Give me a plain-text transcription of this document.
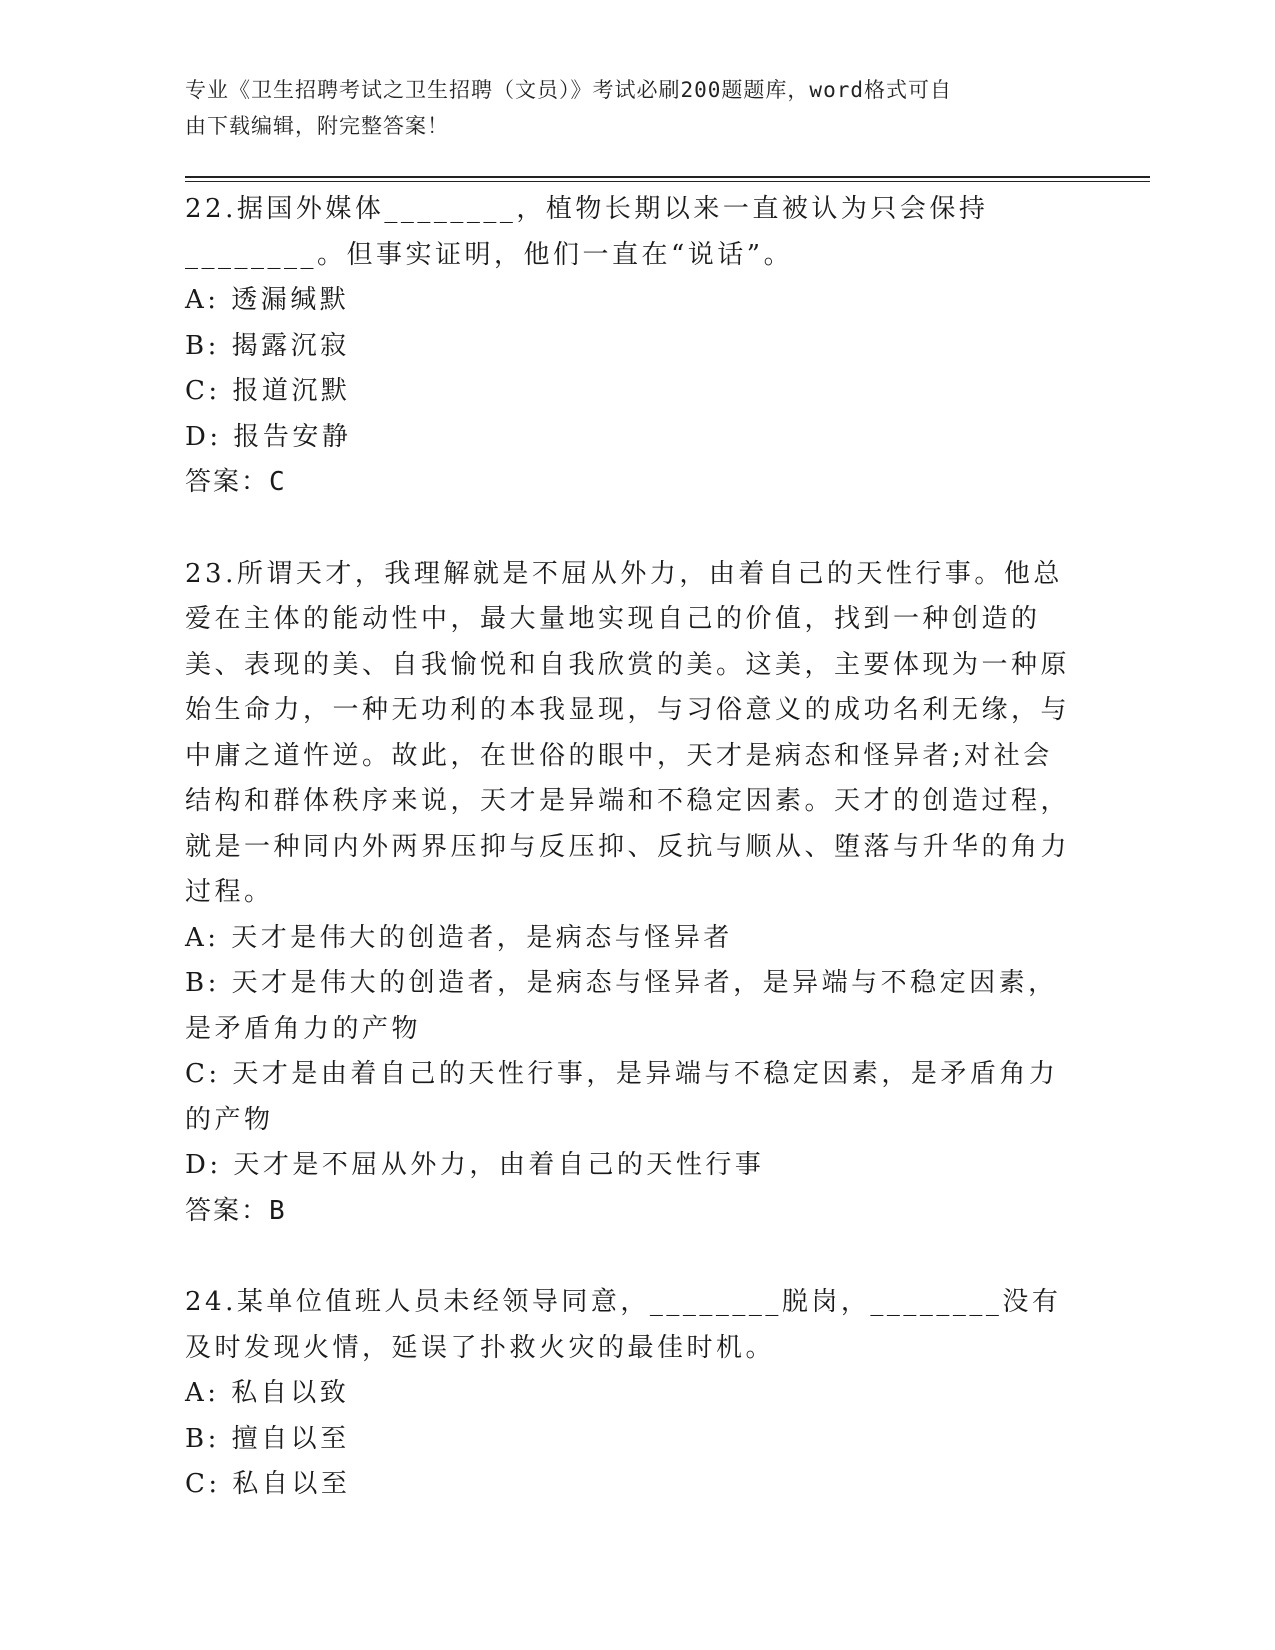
专业《卫生招聘考试之卫生招聘（文员）》考试必刷200题题库，word格式可自
由下载编辑，附完整答案！

22.据国外媒体________，植物长期以来一直被认为只会保持________。但事实证明，他们一直在“说话”。

A: 透漏缄默

B: 揭露沉寂

C: 报道沉默

D: 报告安静

答案：C

23.所谓天才，我理解就是不屈从外力，由着自己的天性行事。他总爱在主体的能动性中，最大量地实现自己的价值，找到一种创造的美、表现的美、自我愉悦和自我欣赏的美。这美，主要体现为一种原始生命力，一种无功利的本我显现，与习俗意义的成功名利无缘，与中庸之道忤逆。故此，在世俗的眼中，天才是病态和怪异者;对社会结构和群体秩序来说，天才是异端和不稳定因素。天才的创造过程，就是一种同内外两界压抑与反压抑、反抗与顺从、堕落与升华的角力过程。

A: 天才是伟大的创造者，是病态与怪异者

B: 天才是伟大的创造者，是病态与怪异者，是异端与不稳定因素，是矛盾角力的产物

C: 天才是由着自己的天性行事，是异端与不稳定因素，是矛盾角力的产物

D: 天才是不屈从外力，由着自己的天性行事

答案：B

24.某单位值班人员未经领导同意，________脱岗，________没有及时发现火情，延误了扑救火灾的最佳时机。

A: 私自以致

B: 擅自以至

C: 私自以至
